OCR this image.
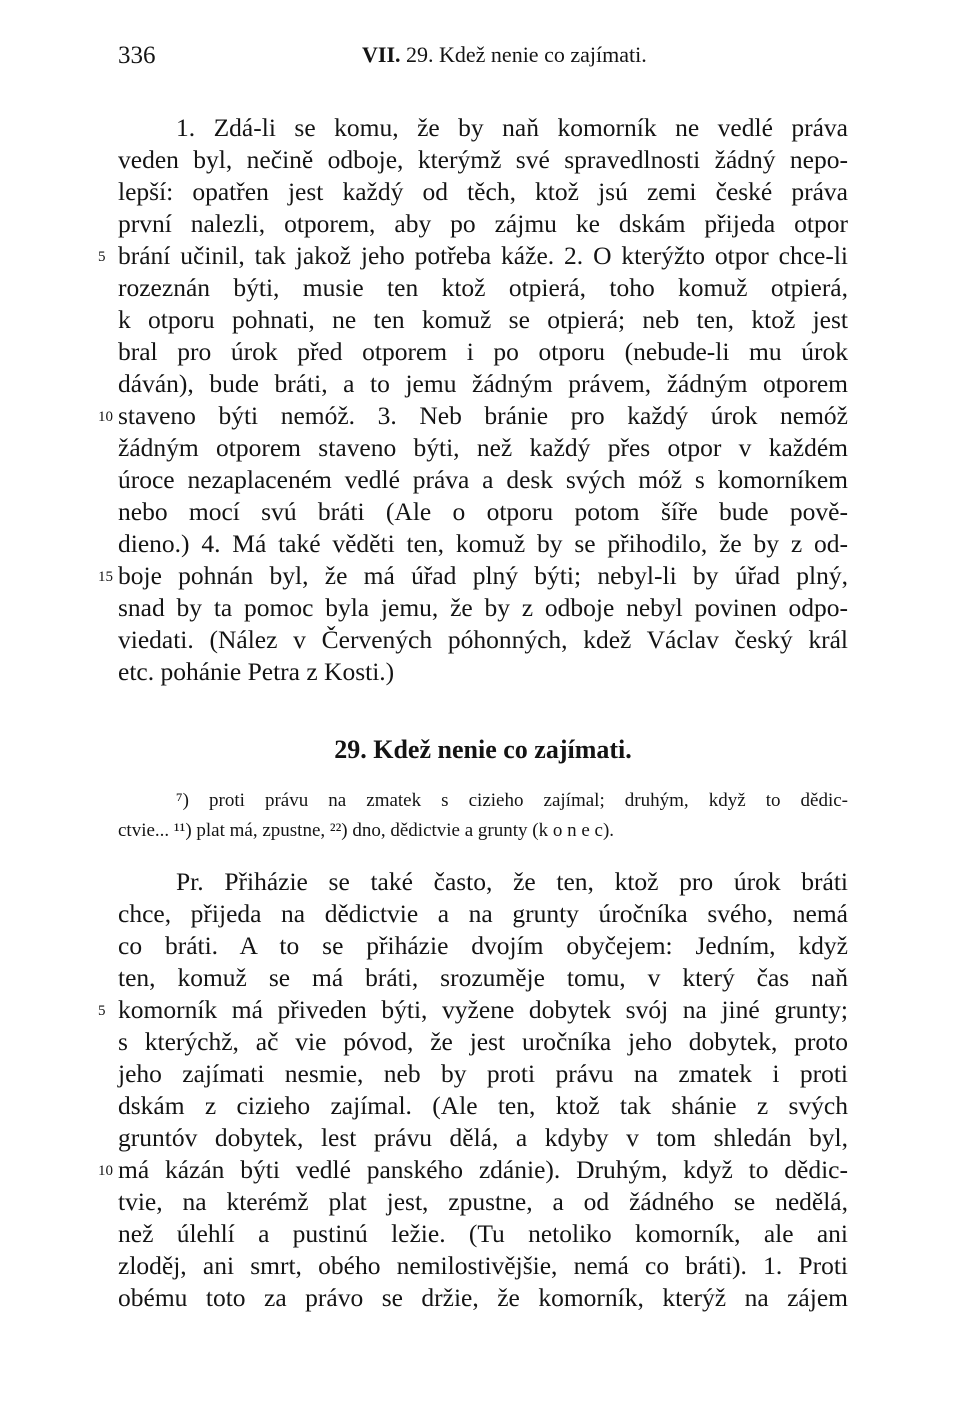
336	VII. 29. Kdež nenie co zajímati.
1. Zdá-li se komu, že by naň komorník ne vedlé práva
veden byl, nečině odboje, kterýmž své spravedlnosti žádný nepo-
lepší: opatřen jest každý od těch, ktož jsú zemi české práva
první nalezli, otporem, aby po zájmu ke dskám přijeda otpor
5 brání učinil, tak jakož jeho potřeba káže. 2. O kterýžto otpor chce-li
rozeznán býti, musie ten ktož otpierá, toho komuž otpierá,
k otporu pohnati, ne ten komuž se otpierá; neb ten, ktož jest
bral pro úrok před otporem i po otporu (nebude-li mu úrok
dáván), bude bráti, a to jemu žádným právem, žádným otporem
10 staveno býti nemóž. 3. Neb bránie pro každý úrok nemóž
žádným otporem staveno býti, než každý přes otpor v každém
úroce nezaplaceném vedlé práva a desk svých móž s komorníkem
nebo mocí svú bráti (Ale o otporu potom šíře bude pově-
dieno.) 4. Má také věděti ten, komuž by se přihodilo, že by z od-
15 boje pohnán byl, že má úřad plný býti; nebyl-li by úřad plný,
snad by ta pomoc byla jemu, že by z odboje nebyl povinen odpo-
viedati. (Nález v Červených póhonných, kdež Václav český král
etc. pohánie Petra z Kosti.)
29. Kdež nenie co zajímati.
⁷) proti právu na zmatek s cizieho zajímal; druhým, když to dědic-
ctvie... ¹¹) plat má, zpustne, ²²) dno, dědictvie a grunty (k o n e c).
Pr. Přiházie se také často, že ten, ktož pro úrok bráti
chce, přijeda na dědictvie a na grunty úročníka svého, nemá
co bráti. A to se přiházie dvojím obyčejem: Jedním, když
ten, komuž se má bráti, srozuměje tomu, v který čas naň
5 komorník má přiveden býti, vyžene dobytek svój na jiné grunty;
s kterýchž, ač vie póvod, že jest uročníka jeho dobytek, proto
jeho zajímati nesmie, neb by proti právu na zmatek i proti
dskám z cizieho zajímal. (Ale ten, ktož tak shánie z svých
gruntóv dobytek, lest právu dělá, a kdyby v tom shledán byl,
10 má kázán býti vedlé panského zdánie). Druhým, když to dědic-
tvie, na kterémž plat jest, zpustne, a od žádného se nedělá,
než úlehlí a pustinú ležie. (Tu netoliko komorník, ale ani
zloděj, ani smrt, obého nemilostivějšie, nemá co bráti). 1. Proti
obému toto za právo se držie, že komorník, kterýž na zájem
